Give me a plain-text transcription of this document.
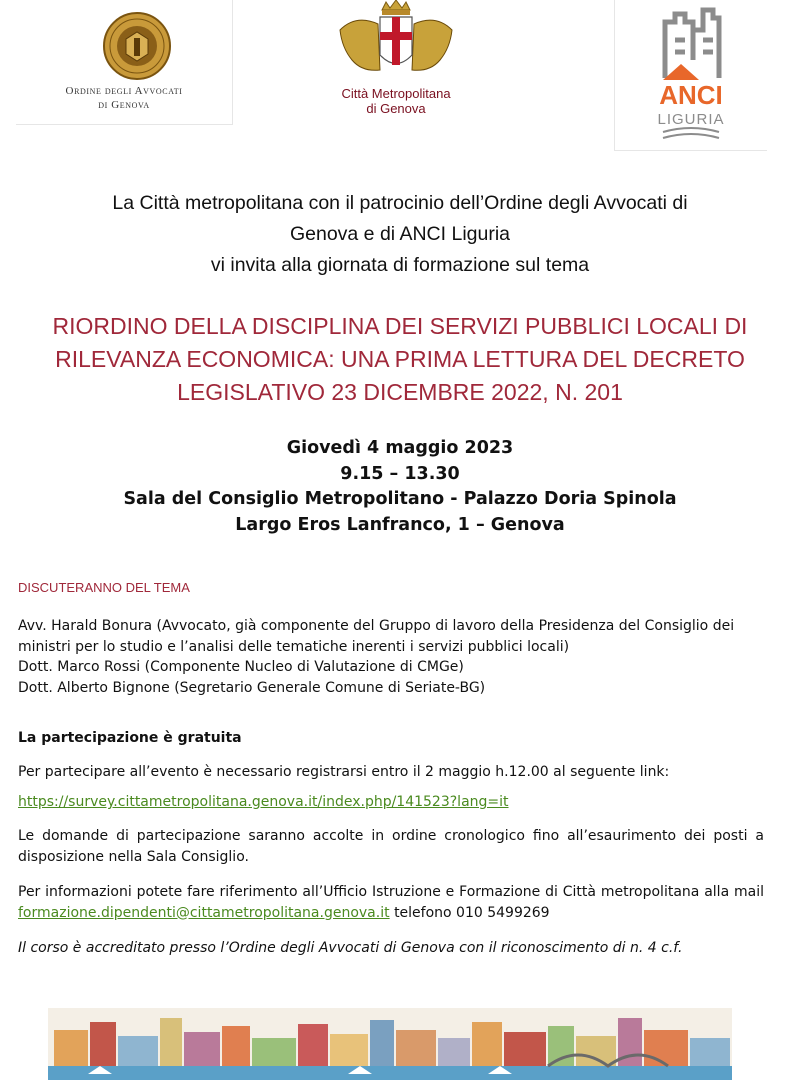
Ordine degli Avvocati
di Genova
Città Metropolitana
di Genova	ANCI
LIGURIA
La Città metropolitana con il patrocinio dell’Ordine degli Avvocati di
Genova e di ANCI Liguria
vi invita alla giornata di formazione sul tema
RIORDINO DELLA DISCIPLINA DEI SERVIZI PUBBLICI LOCALI DI
RILEVANZA ECONOMICA: UNA PRIMA LETTURA DEL DECRETO
LEGISLATIVO 23 DICEMBRE 2022, N. 201
Giovedì 4 maggio 2023
9.15 – 13.30
Sala del Consiglio Metropolitano - Palazzo Doria Spinola
Largo Eros Lanfranco, 1 – Genova
DISCUTERANNO DEL TEMA
Avv. Harald Bonura (Avvocato, già componente del Gruppo di lavoro della Presidenza del Consiglio dei
ministri per lo studio e l’analisi delle tematiche inerenti i servizi pubblici locali)
Dott. Marco Rossi (Componente Nucleo di Valutazione di CMGe)
Dott. Alberto Bignone (Segretario Generale Comune di Seriate-BG)
La partecipazione è gratuita
Per partecipare all’evento è necessario registrarsi entro il 2 maggio h.12.00 al seguente link:
https://survey.cittametropolitana.genova.it/index.php/141523?lang=it
Le domande di partecipazione saranno accolte in ordine cronologico fino all’esaurimento dei posti a disposizione nella Sala Consiglio.
Per informazioni potete fare riferimento all’Ufficio Istruzione e Formazione di Città metropolitana alla mail formazione.dipendenti@cittametropolitana.genova.it telefono 010 5499269
Il corso è accreditato presso l’Ordine degli Avvocati di Genova con il riconoscimento di n. 4 c.f.
